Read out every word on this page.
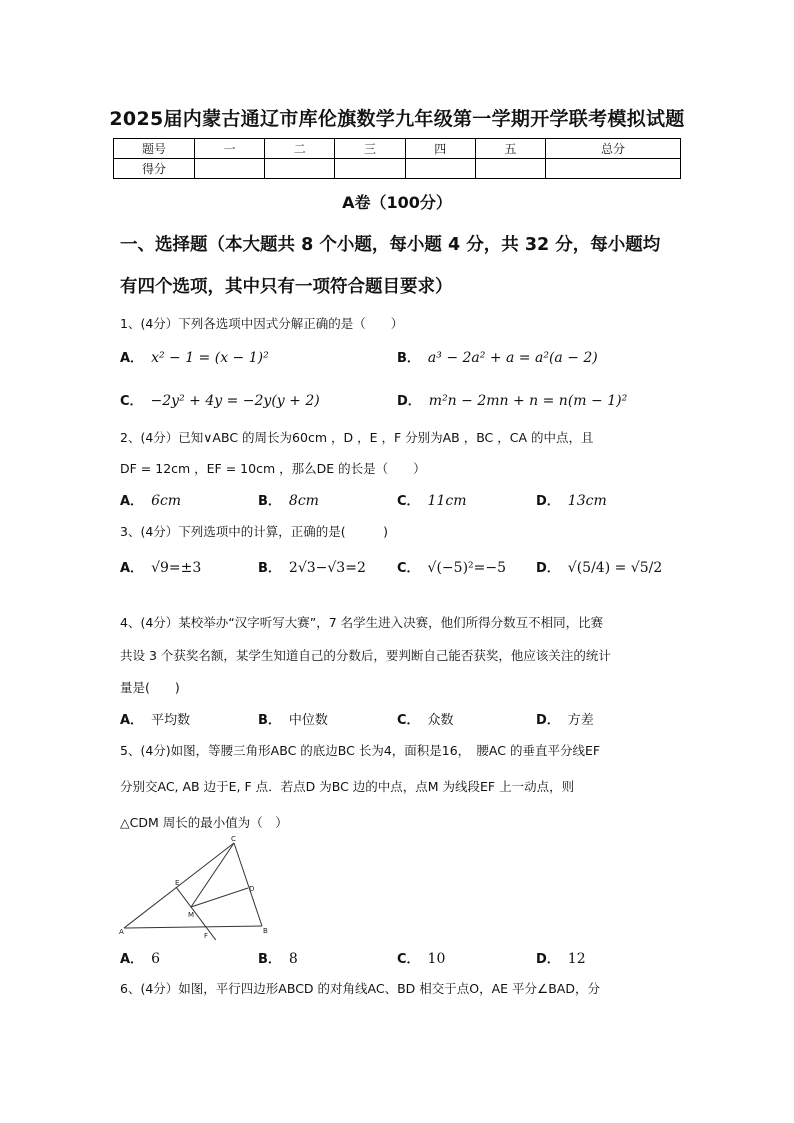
2025届内蒙古通辽市库伦旗数学九年级第一学期开学联考模拟试题
题号	一	二	三	四	五	总分
得分						
A卷（100分）
一、选择题（本大题共 8 个小题，每小题 4 分，共 32 分，每小题均
有四个选项，其中只有一项符合题目要求）
1、(4分）下列各选项中因式分解正确的是（　　）
A． x² − 1 = (x − 1)²	B． a³ − 2a² + a = a²(a − 2)
C． −2y² + 4y = −2y(y + 2)	D． m²n − 2mn + n = n(m − 1)²
2、(4分）已知∨ABC 的周长为60cm ，D ，E ，F 分别为AB ，BC ，CA 的中点，且
DF = 12cm ，EF = 10cm ，那么DE 的长是（　　）
A． 6cm	B． 8cm	C． 11cm	D． 13cm
3、(4分）下列选项中的计算，正确的是(　　　)
A． √9=±3	B． 2√3−√3=2 C． √(−5)²=−5 D． √(5/4) = √5/2
4、(4分）某校举办“汉字听写大赛”，7 名学生进入决赛，他们所得分数互不相同，比赛
共设 3 个获奖名额，某学生知道自己的分数后，要判断自己能否获奖，他应该关注的统计
量是(　　)
A． 平均数	B． 中位数	C． 众数	D． 方差
5、(4分)如图，等腰三角形ABC 的底边BC 长为4，面积是16，　腰AC 的垂直平分线EF
分别交AC, AB 边于E, F 点．若点D 为BC 边的中点，点M 为线段EF 上一动点，则
△CDM 周长的最小值为（　）
C
E
D
M
A	F
B
A． 6	B． 8	C． 10	D． 12
6、(4分）如图，平行四边形ABCD 的对角线AC、BD 相交于点O，AE 平分∠BAD，分
